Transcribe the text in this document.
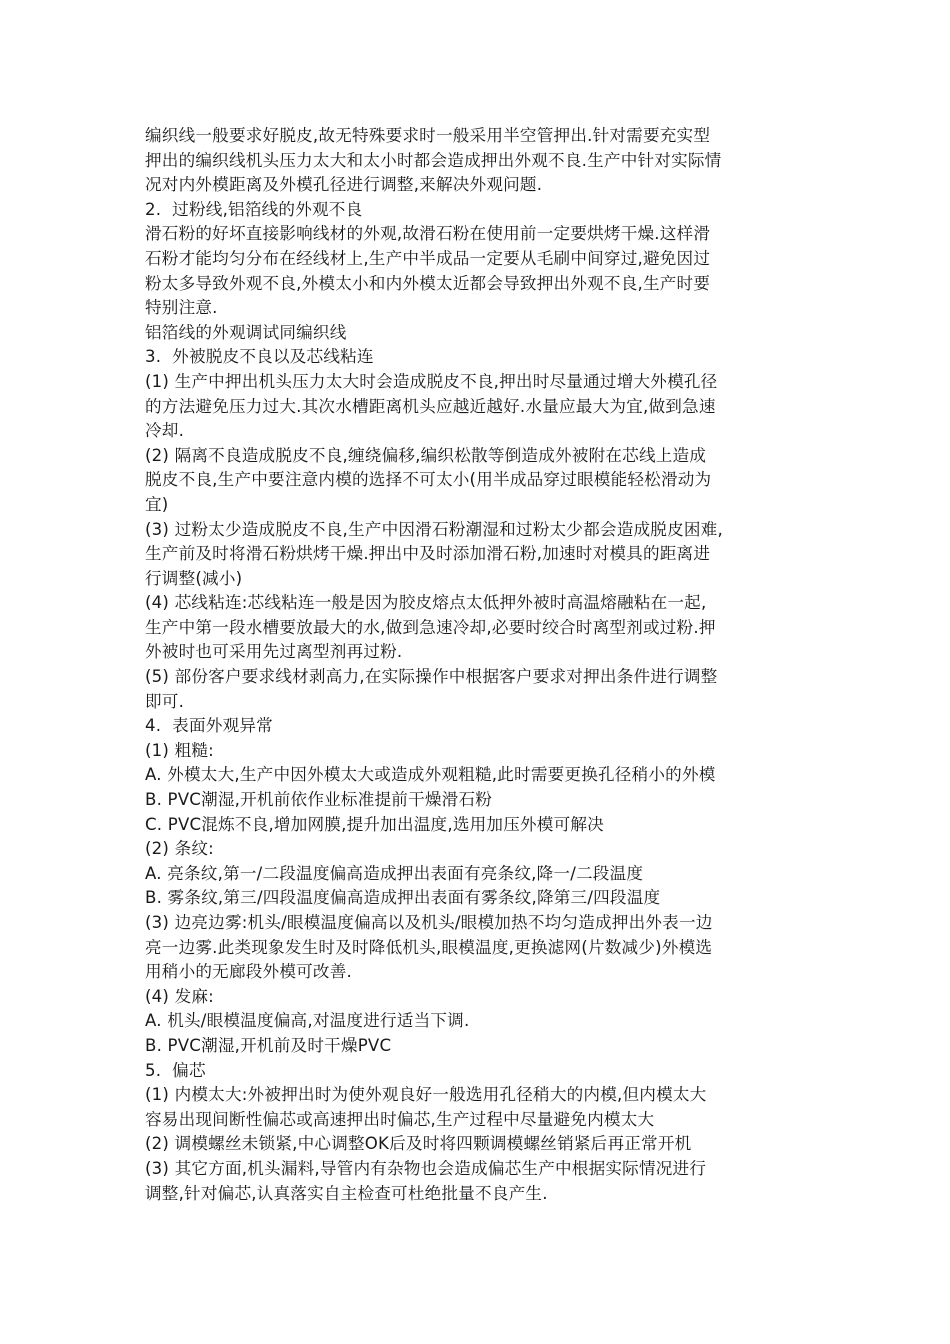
编织线一般要求好脱皮,故无特殊要求时一般采用半空管押出.针对需要充实型
押出的编织线机头压力太大和太小时都会造成押出外观不良.生产中针对实际情
况对内外模距离及外模孔径进行调整,来解决外观问题.
2.  过粉线,铝箔线的外观不良
滑石粉的好坏直接影响线材的外观,故滑石粉在使用前一定要烘烤干燥.这样滑
石粉才能均匀分布在经线材上,生产中半成品一定要从毛刷中间穿过,避免因过
粉太多导致外观不良,外模太小和内外模太近都会导致押出外观不良,生产时要
特别注意.
铝箔线的外观调试同编织线
3.  外被脱皮不良以及芯线粘连
(1) 生产中押出机头压力太大时会造成脱皮不良,押出时尽量通过增大外模孔径
的方法避免压力过大.其次水槽距离机头应越近越好.水量应最大为宜,做到急速
冷却.
(2) 隔离不良造成脱皮不良,缠绕偏移,编织松散等倒造成外被附在芯线上造成
脱皮不良,生产中要注意内模的选择不可太小(用半成品穿过眼模能轻松滑动为
宜)
(3) 过粉太少造成脱皮不良,生产中因滑石粉潮湿和过粉太少都会造成脱皮困难,
生产前及时将滑石粉烘烤干燥.押出中及时添加滑石粉,加速时对模具的距离进
行调整(减小)
(4) 芯线粘连:芯线粘连一般是因为胶皮熔点太低押外被时高温熔融粘在一起,
生产中第一段水槽要放最大的水,做到急速冷却,必要时绞合时离型剂或过粉.押
外被时也可采用先过离型剂再过粉.
(5) 部份客户要求线材剥高力,在实际操作中根据客户要求对押出条件进行调整
即可.
4.  表面外观异常
(1) 粗糙:
A. 外模太大,生产中因外模太大或造成外观粗糙,此时需要更换孔径稍小的外模
B. PVC潮湿,开机前依作业标准提前干燥滑石粉
C. PVC混炼不良,增加网膜,提升加出温度,选用加压外模可解决
(2) 条纹:
A. 亮条纹,第一/二段温度偏高造成押出表面有亮条纹,降一/二段温度
B. 雾条纹,第三/四段温度偏高造成押出表面有雾条纹,降第三/四段温度
(3) 边亮边雾:机头/眼模温度偏高以及机头/眼模加热不均匀造成押出外表一边
亮一边雾.此类现象发生时及时降低机头,眼模温度,更换滤网(片数减少)外模选
用稍小的无廊段外模可改善.
(4) 发麻:
A. 机头/眼模温度偏高,对温度进行适当下调.
B. PVC潮湿,开机前及时干燥PVC
5.  偏芯
(1) 内模太大:外被押出时为使外观良好一般选用孔径稍大的内模,但内模太大
容易出现间断性偏芯或高速押出时偏芯,生产过程中尽量避免内模太大
(2) 调模螺丝未锁紧,中心调整OK后及时将四颗调模螺丝销紧后再正常开机
(3) 其它方面,机头漏料,导管内有杂物也会造成偏芯生产中根据实际情况进行
调整,针对偏芯,认真落实自主检查可杜绝批量不良产生.
